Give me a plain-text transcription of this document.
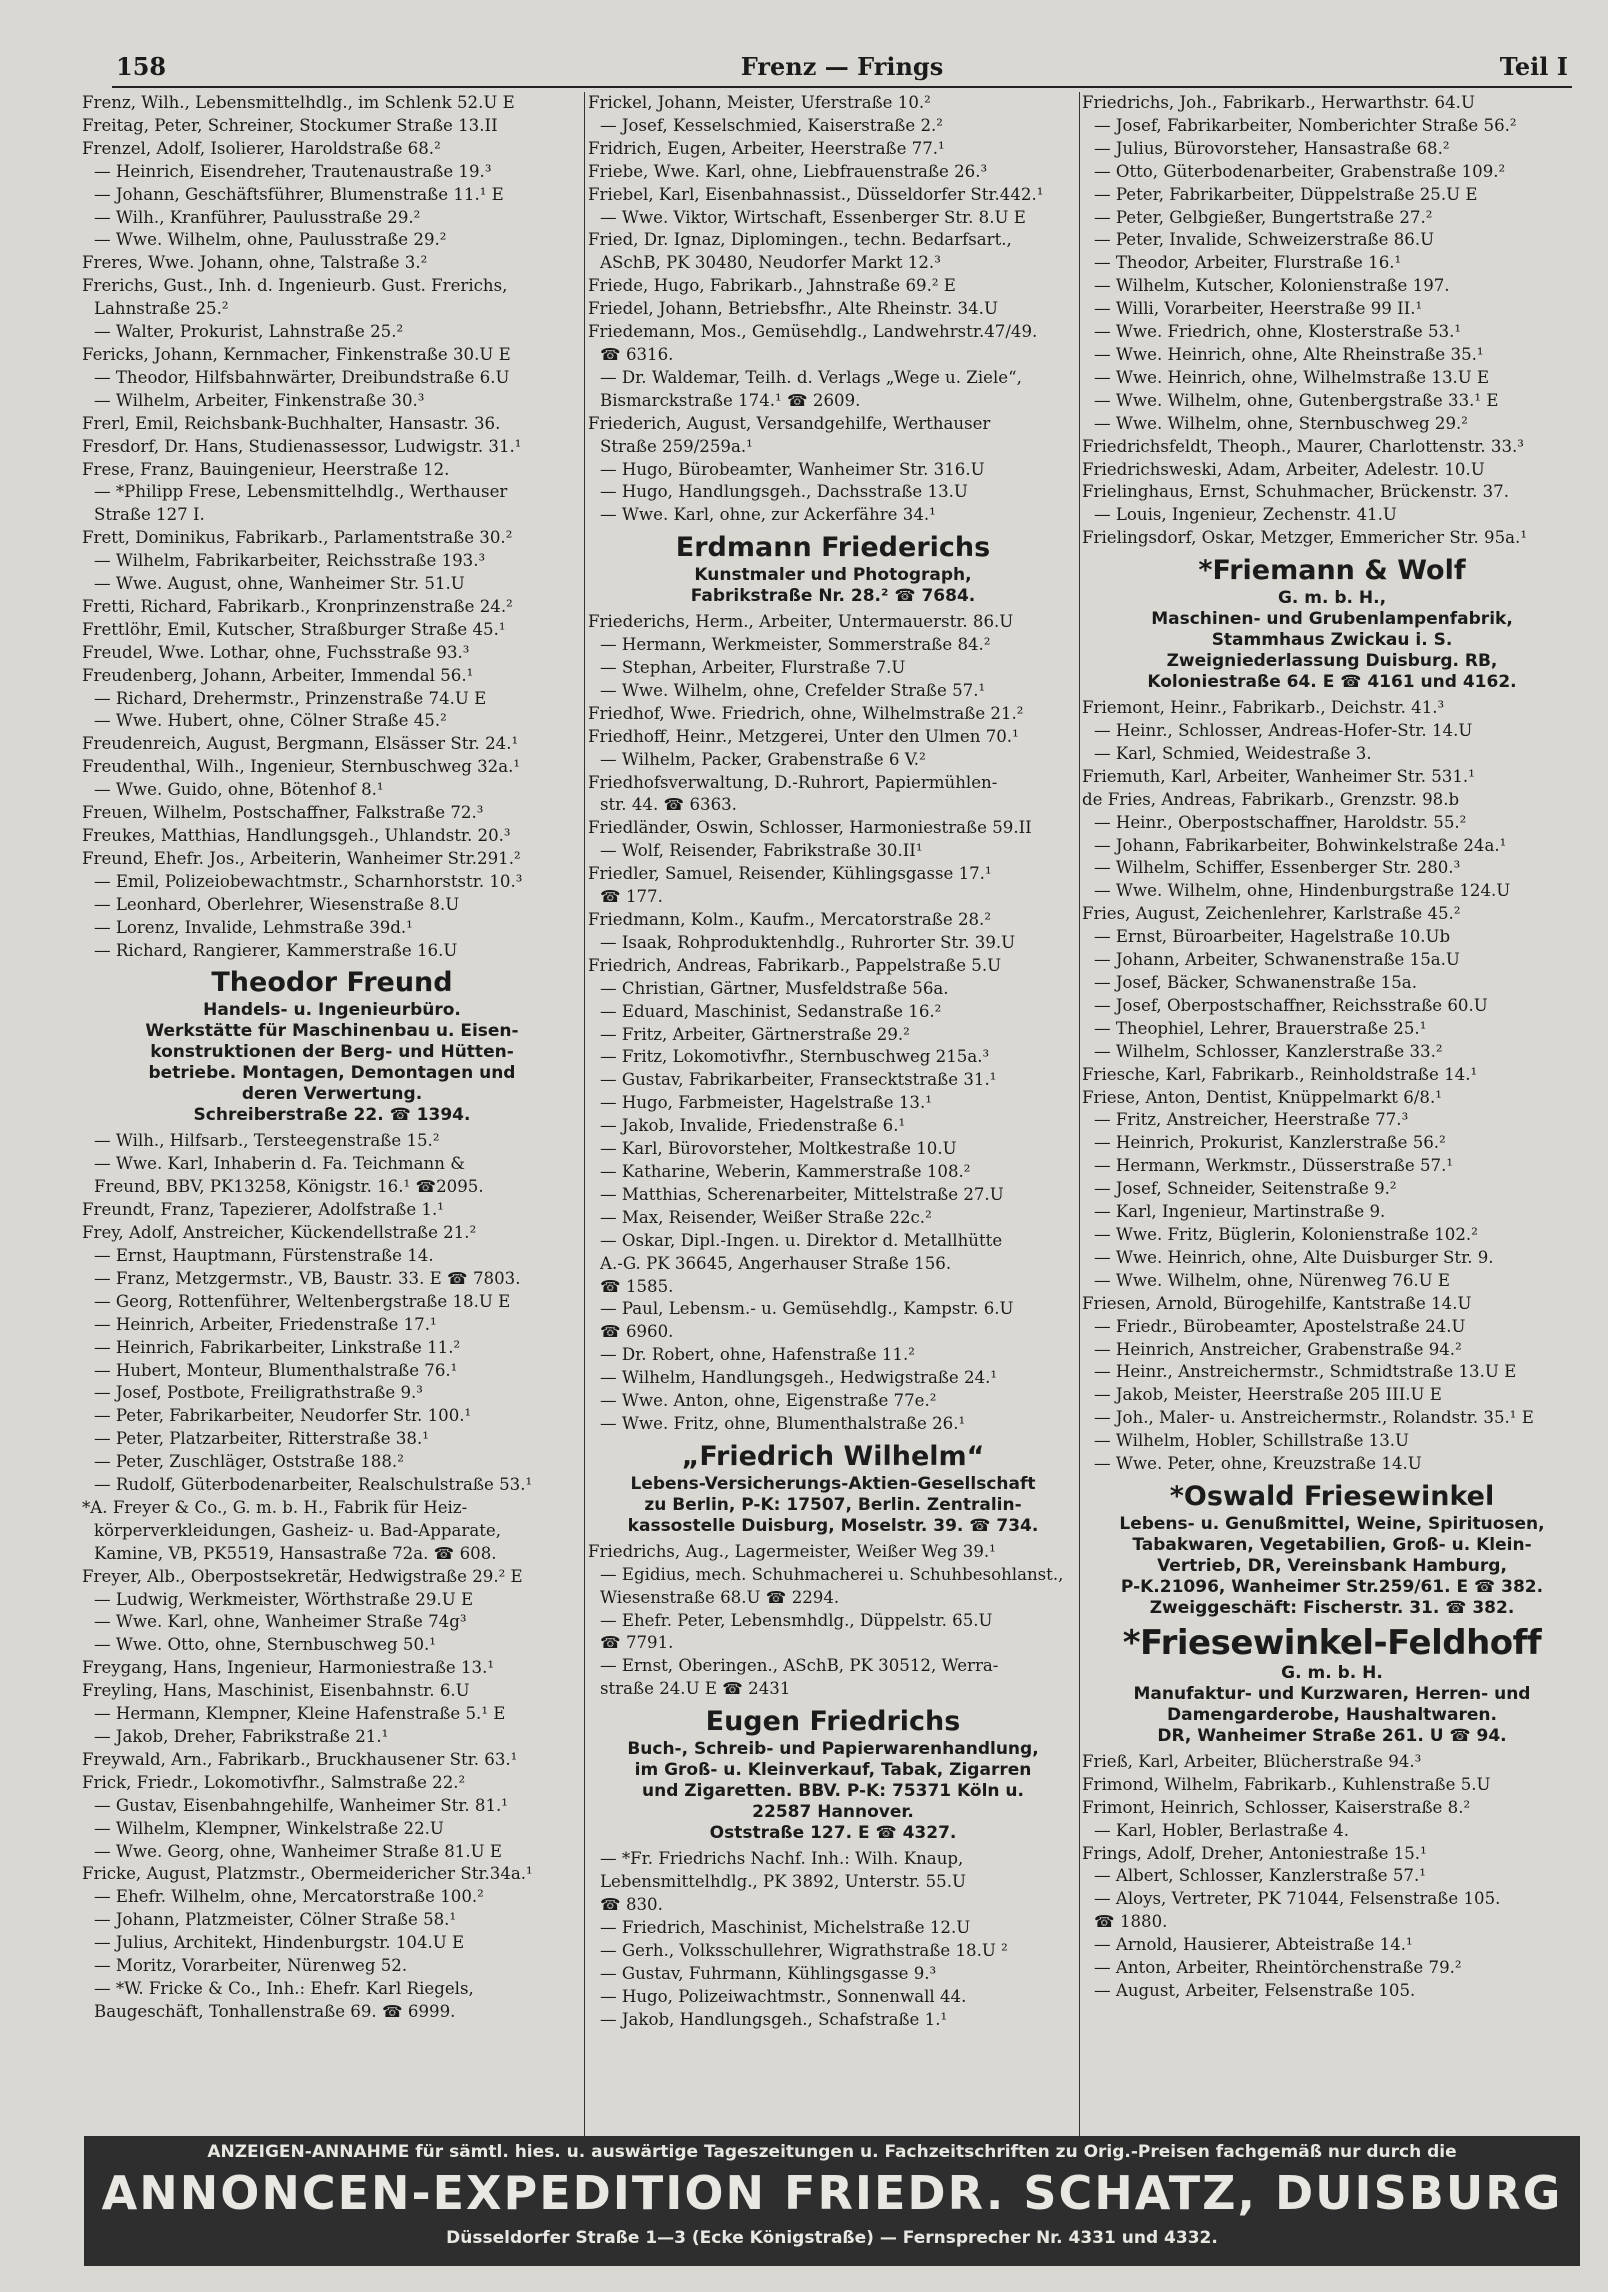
158	Frenz — Frings	Teil I
Frenz, Wilh., Lebensmittelhdlg., im Schlenk 52.U E
Freitag, Peter, Schreiner, Stockumer Straße 13.II
Frenzel, Adolf, Isolierer, Haroldstraße 68.²
— Heinrich, Eisendreher, Trautenaustraße 19.³
— Johann, Geschäftsführer, Blumenstraße 11.¹ E
— Wilh., Kranführer, Paulusstraße 29.²
— Wwe. Wilhelm, ohne, Paulusstraße 29.²
Freres, Wwe. Johann, ohne, Talstraße 3.²
Frerichs, Gust., Inh. d. Ingenieurb. Gust. Frerichs,
Lahnstraße 25.²
— Walter, Prokurist, Lahnstraße 25.²
Fericks, Johann, Kernmacher, Finkenstraße 30.U E
— Theodor, Hilfsbahnwärter, Dreibundstraße 6.U
— Wilhelm, Arbeiter, Finkenstraße 30.³
Frerl, Emil, Reichsbank-Buchhalter, Hansastr. 36.
Fresdorf, Dr. Hans, Studienassessor, Ludwigstr. 31.¹
Frese, Franz, Bauingenieur, Heerstraße 12.
— *Philipp Frese, Lebensmittelhdlg., Werthauser
Straße 127 I.
Frett, Dominikus, Fabrikarb., Parlamentstraße 30.²
— Wilhelm, Fabrikarbeiter, Reichsstraße 193.³
— Wwe. August, ohne, Wanheimer Str. 51.U
Fretti, Richard, Fabrikarb., Kronprinzenstraße 24.²
Frettlöhr, Emil, Kutscher, Straßburger Straße 45.¹
Freudel, Wwe. Lothar, ohne, Fuchsstraße 93.³
Freudenberg, Johann, Arbeiter, Immendal 56.¹
— Richard, Drehermstr., Prinzenstraße 74.U E
— Wwe. Hubert, ohne, Cölner Straße 45.²
Freudenreich, August, Bergmann, Elsässer Str. 24.¹
Freudenthal, Wilh., Ingenieur, Sternbuschweg 32a.¹
— Wwe. Guido, ohne, Bötenhof 8.¹
Freuen, Wilhelm, Postschaffner, Falkstraße 72.³
Freukes, Matthias, Handlungsgeh., Uhlandstr. 20.³
Freund, Ehefr. Jos., Arbeiterin, Wanheimer Str.291.²
— Emil, Polizeiobewachtmstr., Scharnhorststr. 10.³
— Leonhard, Oberlehrer, Wiesenstraße 8.U
— Lorenz, Invalide, Lehmstraße 39d.¹
— Richard, Rangierer, Kammerstraße 16.U
Theodor Freund
Handels- u. Ingenieurbüro.
Werkstätte für Maschinenbau u. Eisen-
konstruktionen der Berg- und Hütten-
betriebe. Montagen, Demontagen und
deren Verwertung.
Schreiberstraße 22. ☎ 1394.
— Wilh., Hilfsarb., Tersteegenstraße 15.²
— Wwe. Karl, Inhaberin d. Fa. Teichmann &
Freund, BBV, PK13258, Königstr. 16.¹ ☎2095.
Freundt, Franz, Tapezierer, Adolfstraße 1.¹
Frey, Adolf, Anstreicher, Kückendellstraße 21.²
— Ernst, Hauptmann, Fürstenstraße 14.
— Franz, Metzgermstr., VB, Baustr. 33. E ☎ 7803.
— Georg, Rottenführer, Weltenbergstraße 18.U E
— Heinrich, Arbeiter, Friedenstraße 17.¹
— Heinrich, Fabrikarbeiter, Linkstraße 11.²
— Hubert, Monteur, Blumenthalstraße 76.¹
— Josef, Postbote, Freiligrathstraße 9.³
— Peter, Fabrikarbeiter, Neudorfer Str. 100.¹
— Peter, Platzarbeiter, Ritterstraße 38.¹
— Peter, Zuschläger, Oststraße 188.²
— Rudolf, Güterbodenarbeiter, Realschulstraße 53.¹
*A. Freyer & Co., G. m. b. H., Fabrik für Heiz-
körperverkleidungen, Gasheiz- u. Bad-Apparate,
Kamine, VB, PK5519, Hansastraße 72a. ☎ 608.
Freyer, Alb., Oberpostsekretär, Hedwigstraße 29.² E
— Ludwig, Werkmeister, Wörthstraße 29.U E
— Wwe. Karl, ohne, Wanheimer Straße 74g³
— Wwe. Otto, ohne, Sternbuschweg 50.¹
Freygang, Hans, Ingenieur, Harmoniestraße 13.¹
Freyling, Hans, Maschinist, Eisenbahnstr. 6.U
— Hermann, Klempner, Kleine Hafenstraße 5.¹ E
— Jakob, Dreher, Fabrikstraße 21.¹
Freywald, Arn., Fabrikarb., Bruckhausener Str. 63.¹
Frick, Friedr., Lokomotivfhr., Salmstraße 22.²
— Gustav, Eisenbahngehilfe, Wanheimer Str. 81.¹
— Wilhelm, Klempner, Winkelstraße 22.U
— Wwe. Georg, ohne, Wanheimer Straße 81.U E
Fricke, August, Platzmstr., Obermeidericher Str.34a.¹
— Ehefr. Wilhelm, ohne, Mercatorstraße 100.²
— Johann, Platzmeister, Cölner Straße 58.¹
— Julius, Architekt, Hindenburgstr. 104.U E
— Moritz, Vorarbeiter, Nürenweg 52.
— *W. Fricke & Co., Inh.: Ehefr. Karl Riegels,
Baugeschäft, Tonhallenstraße 69. ☎ 6999.
Frickel, Johann, Meister, Uferstraße 10.²
— Josef, Kesselschmied, Kaiserstraße 2.²
Fridrich, Eugen, Arbeiter, Heerstraße 77.¹
Friebe, Wwe. Karl, ohne, Liebfrauenstraße 26.³
Friebel, Karl, Eisenbahnassist., Düsseldorfer Str.442.¹
— Wwe. Viktor, Wirtschaft, Essenberger Str. 8.U E
Fried, Dr. Ignaz, Diplomingen., techn. Bedarfsart.,
ASchB, PK 30480, Neudorfer Markt 12.³
Friede, Hugo, Fabrikarb., Jahnstraße 69.² E
Friedel, Johann, Betriebsfhr., Alte Rheinstr. 34.U
Friedemann, Mos., Gemüsehdlg., Landwehrstr.47/49.
☎ 6316.
— Dr. Waldemar, Teilh. d. Verlags „Wege u. Ziele“,
Bismarckstraße 174.¹ ☎ 2609.
Friederich, August, Versandgehilfe, Werthauser
Straße 259/259a.¹
— Hugo, Bürobeamter, Wanheimer Str. 316.U
— Hugo, Handlungsgeh., Dachsstraße 13.U
— Wwe. Karl, ohne, zur Ackerfähre 34.¹
Erdmann Friederichs
Kunstmaler und Photograph,
Fabrikstraße Nr. 28.² ☎ 7684.
Friederichs, Herm., Arbeiter, Untermauerstr. 86.U
— Hermann, Werkmeister, Sommerstraße 84.²
— Stephan, Arbeiter, Flurstraße 7.U
— Wwe. Wilhelm, ohne, Crefelder Straße 57.¹
Friedhof, Wwe. Friedrich, ohne, Wilhelmstraße 21.²
Friedhoff, Heinr., Metzgerei, Unter den Ulmen 70.¹
— Wilhelm, Packer, Grabenstraße 6 V.²
Friedhofsverwaltung, D.-Ruhrort, Papiermühlen-
str. 44. ☎ 6363.
Friedländer, Oswin, Schlosser, Harmoniestraße 59.II
— Wolf, Reisender, Fabrikstraße 30.II¹
Friedler, Samuel, Reisender, Kühlingsgasse 17.¹
☎ 177.
Friedmann, Kolm., Kaufm., Mercatorstraße 28.²
— Isaak, Rohproduktenhdlg., Ruhrorter Str. 39.U
Friedrich, Andreas, Fabrikarb., Pappelstraße 5.U
— Christian, Gärtner, Musfeldstraße 56a.
— Eduard, Maschinist, Sedanstraße 16.²
— Fritz, Arbeiter, Gärtnerstraße 29.²
— Fritz, Lokomotivfhr., Sternbuschweg 215a.³
— Gustav, Fabrikarbeiter, Fransecktstraße 31.¹
— Hugo, Farbmeister, Hagelstraße 13.¹
— Jakob, Invalide, Friedenstraße 6.¹
— Karl, Bürovorsteher, Moltkestraße 10.U
— Katharine, Weberin, Kammerstraße 108.²
— Matthias, Scherenarbeiter, Mittelstraße 27.U
— Max, Reisender, Weißer Straße 22c.²
— Oskar, Dipl.-Ingen. u. Direktor d. Metallhütte
A.-G. PK 36645, Angerhauser Straße 156.
☎ 1585.
— Paul, Lebensm.- u. Gemüsehdlg., Kampstr. 6.U
☎ 6960.
— Dr. Robert, ohne, Hafenstraße 11.²
— Wilhelm, Handlungsgeh., Hedwigstraße 24.¹
— Wwe. Anton, ohne, Eigenstraße 77e.²
— Wwe. Fritz, ohne, Blumenthalstraße 26.¹
„Friedrich Wilhelm“
Lebens-Versicherungs-Aktien-Gesellschaft
zu Berlin, P-K: 17507, Berlin. Zentralin-
kassostelle Duisburg, Moselstr. 39. ☎ 734.
Friedrichs, Aug., Lagermeister, Weißer Weg 39.¹
— Egidius, mech. Schuhmacherei u. Schuhbesohlanst.,
Wiesenstraße 68.U ☎ 2294.
— Ehefr. Peter, Lebensmhdlg., Düppelstr. 65.U
☎ 7791.
— Ernst, Oberingen., ASchB, PK 30512, Werra-
straße 24.U E ☎ 2431
Eugen Friedrichs
Buch-, Schreib- und Papierwarenhandlung,
im Groß- u. Kleinverkauf, Tabak, Zigarren
und Zigaretten. BBV. P-K: 75371 Köln u.
22587 Hannover.
Oststraße 127. E ☎ 4327.
— *Fr. Friedrichs Nachf. Inh.: Wilh. Knaup,
Lebensmittelhdlg., PK 3892, Unterstr. 55.U
☎ 830.
— Friedrich, Maschinist, Michelstraße 12.U
— Gerh., Volksschullehrer, Wigrathstraße 18.U ²
— Gustav, Fuhrmann, Kühlingsgasse 9.³
— Hugo, Polizeiwachtmstr., Sonnenwall 44.
— Jakob, Handlungsgeh., Schafstraße 1.¹
Friedrichs, Joh., Fabrikarb., Herwarthstr. 64.U
— Josef, Fabrikarbeiter, Nomberichter Straße 56.²
— Julius, Bürovorsteher, Hansastraße 68.²
— Otto, Güterbodenarbeiter, Grabenstraße 109.²
— Peter, Fabrikarbeiter, Düppelstraße 25.U E
— Peter, Gelbgießer, Bungertstraße 27.²
— Peter, Invalide, Schweizerstraße 86.U
— Theodor, Arbeiter, Flurstraße 16.¹
— Wilhelm, Kutscher, Kolonienstraße 197.
— Willi, Vorarbeiter, Heerstraße 99 II.¹
— Wwe. Friedrich, ohne, Klosterstraße 53.¹
— Wwe. Heinrich, ohne, Alte Rheinstraße 35.¹
— Wwe. Heinrich, ohne, Wilhelmstraße 13.U E
— Wwe. Wilhelm, ohne, Gutenbergstraße 33.¹ E
— Wwe. Wilhelm, ohne, Sternbuschweg 29.²
Friedrichsfeldt, Theoph., Maurer, Charlottenstr. 33.³
Friedrichsweski, Adam, Arbeiter, Adelestr. 10.U
Frielinghaus, Ernst, Schuhmacher, Brückenstr. 37.
— Louis, Ingenieur, Zechenstr. 41.U
Frielingsdorf, Oskar, Metzger, Emmericher Str. 95a.¹
*Friemann & Wolf
G. m. b. H.,
Maschinen- und Grubenlampenfabrik,
Stammhaus Zwickau i. S.
Zweigniederlassung Duisburg. RB,
Koloniestraße 64. E ☎ 4161 und 4162.
Friemont, Heinr., Fabrikarb., Deichstr. 41.³
— Heinr., Schlosser, Andreas-Hofer-Str. 14.U
— Karl, Schmied, Weidestraße 3.
Friemuth, Karl, Arbeiter, Wanheimer Str. 531.¹
de Fries, Andreas, Fabrikarb., Grenzstr. 98.b
— Heinr., Oberpostschaffner, Haroldstr. 55.²
— Johann, Fabrikarbeiter, Bohwinkelstraße 24a.¹
— Wilhelm, Schiffer, Essenberger Str. 280.³
— Wwe. Wilhelm, ohne, Hindenburgstraße 124.U
Fries, August, Zeichenlehrer, Karlstraße 45.²
— Ernst, Büroarbeiter, Hagelstraße 10.Ub
— Johann, Arbeiter, Schwanenstraße 15a.U
— Josef, Bäcker, Schwanenstraße 15a.
— Josef, Oberpostschaffner, Reichsstraße 60.U
— Theophiel, Lehrer, Brauerstraße 25.¹
— Wilhelm, Schlosser, Kanzlerstraße 33.²
Friesche, Karl, Fabrikarb., Reinholdstraße 14.¹
Friese, Anton, Dentist, Knüppelmarkt 6/8.¹
— Fritz, Anstreicher, Heerstraße 77.³
— Heinrich, Prokurist, Kanzlerstraße 56.²
— Hermann, Werkmstr., Düsserstraße 57.¹
— Josef, Schneider, Seitenstraße 9.²
— Karl, Ingenieur, Martinstraße 9.
— Wwe. Fritz, Büglerin, Kolonienstraße 102.²
— Wwe. Heinrich, ohne, Alte Duisburger Str. 9.
— Wwe. Wilhelm, ohne, Nürenweg 76.U E
Friesen, Arnold, Bürogehilfe, Kantstraße 14.U
— Friedr., Bürobeamter, Apostelstraße 24.U
— Heinrich, Anstreicher, Grabenstraße 94.²
— Heinr., Anstreichermstr., Schmidtstraße 13.U E
— Jakob, Meister, Heerstraße 205 III.U E
— Joh., Maler- u. Anstreichermstr., Rolandstr. 35.¹ E
— Wilhelm, Hobler, Schillstraße 13.U
— Wwe. Peter, ohne, Kreuzstraße 14.U
*Oswald Friesewinkel
Lebens- u. Genußmittel, Weine, Spirituosen,
Tabakwaren, Vegetabilien, Groß- u. Klein-
Vertrieb, DR, Vereinsbank Hamburg,
P-K.21096, Wanheimer Str.259/61. E ☎ 382.
Zweiggeschäft: Fischerstr. 31. ☎ 382.
*Friesewinkel-Feldhoff
G. m. b. H.
Manufaktur- und Kurzwaren, Herren- und
Damengarderobe, Haushaltwaren.
DR, Wanheimer Straße 261. U ☎ 94.
Frieß, Karl, Arbeiter, Blücherstraße 94.³
Frimond, Wilhelm, Fabrikarb., Kuhlenstraße 5.U
Frimont, Heinrich, Schlosser, Kaiserstraße 8.²
— Karl, Hobler, Berlastraße 4.
Frings, Adolf, Dreher, Antoniestraße 15.¹
— Albert, Schlosser, Kanzlerstraße 57.¹
— Aloys, Vertreter, PK 71044, Felsenstraße 105.
☎ 1880.
— Arnold, Hausierer, Abteistraße 14.¹
— Anton, Arbeiter, Rheintörchenstraße 79.²
— August, Arbeiter, Felsenstraße 105.
ANZEIGEN-ANNAHME für sämtl. hies. u. auswärtige Tageszeitungen u. Fachzeitschriften zu Orig.-Preisen fachgemäß nur durch die
ANNONCEN-EXPEDITION FRIEDR. SCHATZ, DUISBURG
Düsseldorfer Straße 1—3 (Ecke Königstraße) — Fernsprecher Nr. 4331 und 4332.
